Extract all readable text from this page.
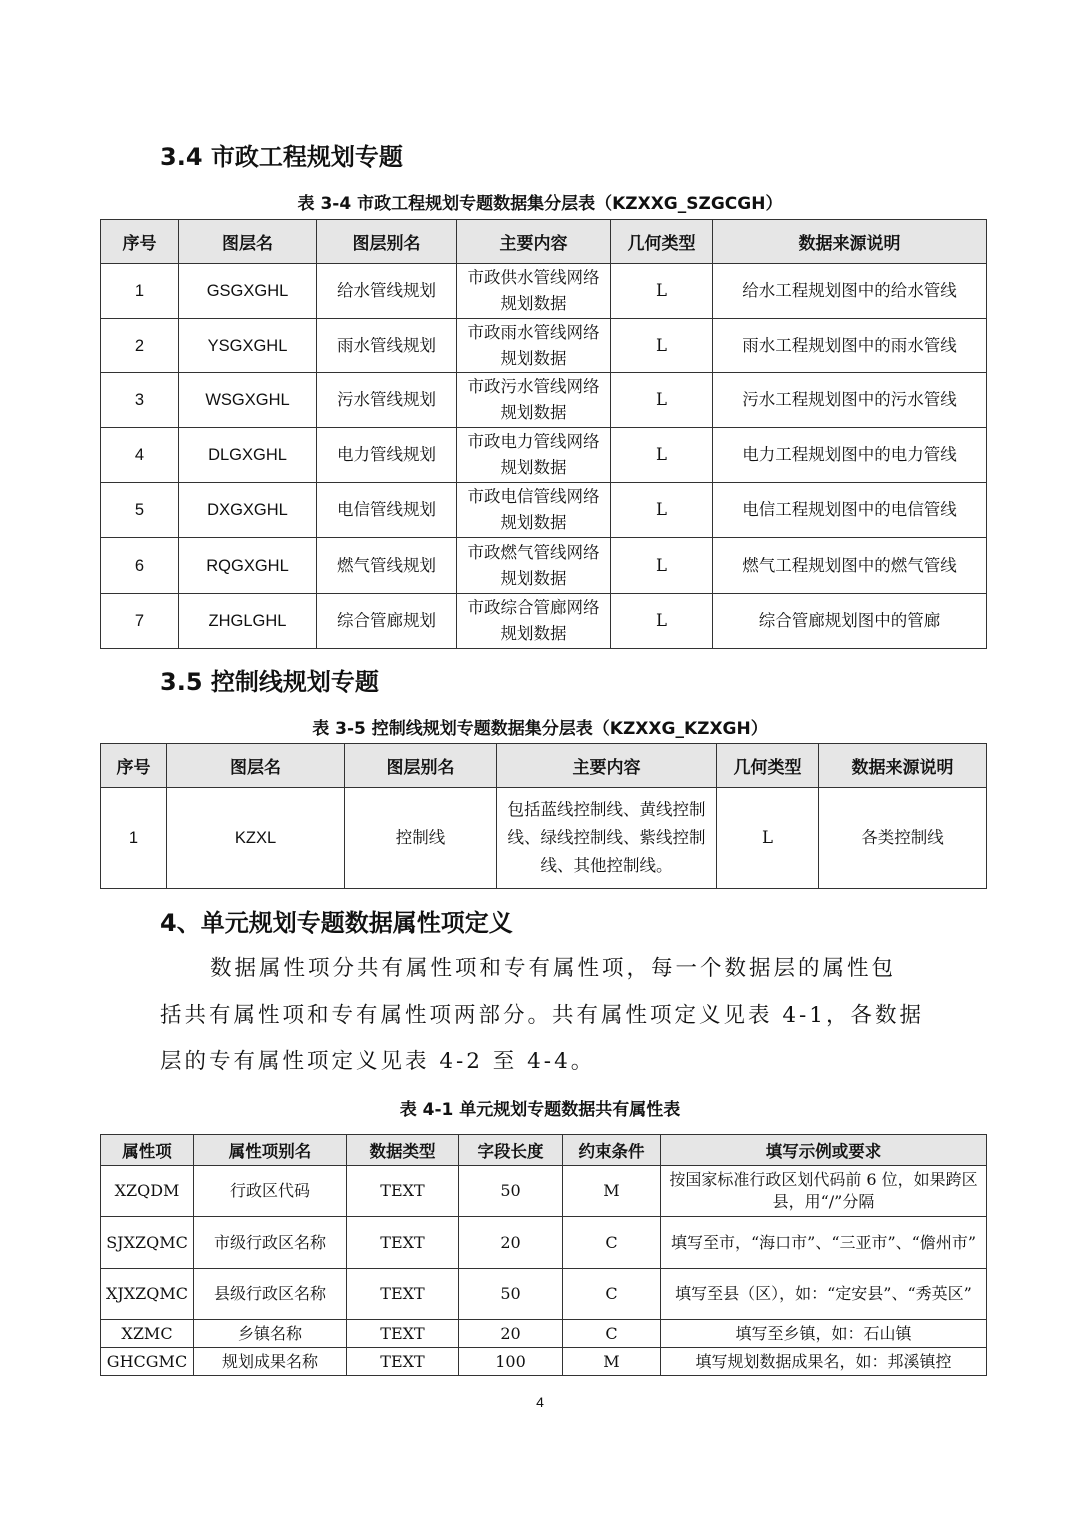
3.4 市政工程规划专题
表 3-4 市政工程规划专题数据集分层表（KZXXG_SZGCGH）
序号	图层名	图层别名	主要内容	几何类型	数据来源说明
1	GSGXGHL	给水管线规划	市政供水管线网络规划数据	L	给水工程规划图中的给水管线
2	YSGXGHL	雨水管线规划	市政雨水管线网络规划数据	L	雨水工程规划图中的雨水管线
3	WSGXGHL	污水管线规划	市政污水管线网络规划数据	L	污水工程规划图中的污水管线
4	DLGXGHL	电力管线规划	市政电力管线网络规划数据	L	电力工程规划图中的电力管线
5	DXGXGHL	电信管线规划	市政电信管线网络规划数据	L	电信工程规划图中的电信管线
6	RQGXGHL	燃气管线规划	市政燃气管线网络规划数据	L	燃气工程规划图中的燃气管线
7	ZHGLGHL	综合管廊规划	市政综合管廊网络规划数据	L	综合管廊规划图中的管廊
3.5 控制线规划专题
表 3-5 控制线规划专题数据集分层表（KZXXG_KZXGH）
序号	图层名	图层别名	主要内容	几何类型	数据来源说明
1	KZXL	控制线	包括蓝线控制线、黄线控制线、绿线控制线、紫线控制线、其他控制线。	L	各类控制线
4、单元规划专题数据属性项定义
数据属性项分共有属性项和专有属性项，每一个数据层的属性包
括共有属性项和专有属性项两部分。共有属性项定义见表 4-1，各数据
层的专有属性项定义见表 4-2 至 4-4。
表 4-1 单元规划专题数据共有属性表
属性项	属性项别名	数据类型	字段长度	约束条件	填写示例或要求
XZQDM	行政区代码	TEXT	50	M	按国家标准行政区划代码前 6 位，如果跨区县，用“/”分隔
SJXZQMC	市级行政区名称	TEXT	20	C	填写至市，“海口市”、“三亚市”、“儋州市”
XJXZQMC	县级行政区名称	TEXT	50	C	填写至县（区），如：“定安县”、“秀英区”
XZMC	乡镇名称	TEXT	20	C	填写至乡镇，如：石山镇
GHCGMC	规划成果名称	TEXT	100	M	填写规划数据成果名，如：邦溪镇控
4
